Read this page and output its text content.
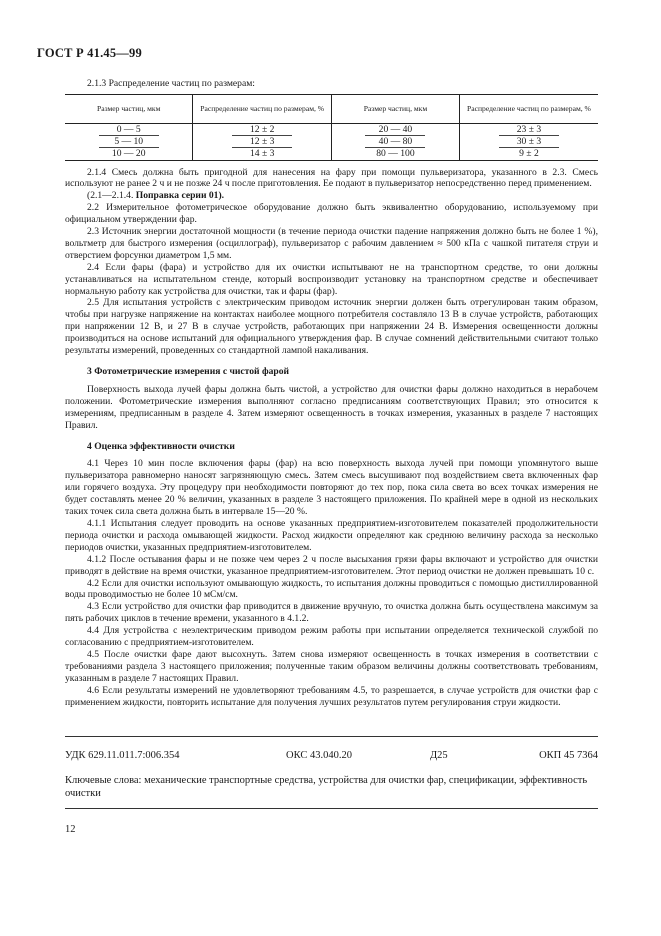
ГОСТ Р 41.45—99

2.1.3 Распределение частиц по размерам:

Размер частиц, мкм	Распределение частиц по размерам, %	Размер частиц, мкм	Распределение частиц по размерам, %
0 — 5	12 ± 2	20 — 40	23 ± 3
5 — 10	12 ± 3	40 — 80	30 ± 3
10 — 20	14 ± 3	80 — 100	9 ± 2

2.1.4 Смесь должна быть пригодной для нанесения на фару при помощи пульверизатора, указанного в 2.3. Смесь используют не ранее 2 ч и не позже 24 ч после приготовления. Ее подают в пульверизатор непосредственно перед применением.

(2.1—2.1.4. Поправка серии 01).

2.2 Измерительное фотометрическое оборудование должно быть эквивалентно оборудованию, используемому при официальном утверждении фар.

2.3 Источник энергии достаточной мощности (в течение периода очистки падение напряжения должно быть не более 1 %), вольтметр для быстрого измерения (осциллограф), пульверизатор с рабочим давлением ≈ 500 кПа с чашкой питателя струи и отверстием форсунки диаметром 1,5 мм.

2.4 Если фары (фара) и устройство для их очистки испытывают не на транспортном средстве, то они должны устанавливаться на испытательном стенде, который воспроизводит установку на транспортном средстве и обеспечивает нормальную работу как устройства для очистки, так и фары (фар).

2.5 Для испытания устройств с электрическим приводом источник энергии должен быть отрегулирован таким образом, чтобы при нагрузке напряжение на контактах наиболее мощного потребителя составляло 13 В в случае устройств, работающих при напряжении 12 В, и 27 В в случае устройств, работающих при напряжении 24 В. Измерения освещенности должны производиться на основе испытаний для официального утверждения фар. В случае сомнений действительными считают только результаты измерений, проведенных со стандартной лампой накаливания.

3 Фотометрические измерения с чистой фарой

Поверхность выхода лучей фары должна быть чистой, а устройство для очистки фары должно находиться в нерабочем положении. Фотометрические измерения выполняют согласно предписаниям соответствующих Правил; это относится к измерениям, предписанным в разделе 4. Затем измеряют освещенность в точках измерения, указанных в разделе 7 настоящих Правил.

4 Оценка эффективности очистки

4.1 Через 10 мин после включения фары (фар) на всю поверхность выхода лучей при помощи упомянутого выше пульверизатора равномерно наносят загрязняющую смесь. Затем смесь высушивают под воздействием света включенных фар или горячего воздуха. Эту процедуру при необходимости повторяют до тех пор, пока сила света во всех точках измерения не будет составлять менее 20 % величин, указанных в разделе 3 настоящего приложения. По крайней мере в одной из нескольких таких точек сила света должна быть в интервале 15—20 %.

4.1.1 Испытания следует проводить на основе указанных предприятием-изготовителем показателей продолжительности периода очистки и расхода омывающей жидкости. Расход жидкости определяют как среднюю величину расхода за несколько периодов очистки, указанных предприятием-изготовителем.

4.1.2 После остывания фары и не позже чем через 2 ч после высыхания грязи фары включают и устройство для очистки приводят в действие на время очистки, указанное предприятием-изготовителем. Этот период очистки не должен превышать 10 с.

4.2 Если для очистки используют омывающую жидкость, то испытания должны проводиться с помощью дистиллированной воды проводимостью не более 10 мСм/см.

4.3 Если устройство для очистки фар приводится в движение вручную, то очистка должна быть осуществлена максимум за пять рабочих циклов в течение времени, указанного в 4.1.2.

4.4 Для устройства с неэлектрическим приводом режим работы при испытании определяется технической службой по согласованию с предприятием-изготовителем.

4.5 После очистки фаре дают высохнуть. Затем снова измеряют освещенность в точках измерения в соответствии с требованиями раздела 3 настоящего приложения; полученные таким образом величины должны соответствовать требованиям, указанным в разделе 7 настоящих Правил.

4.6 Если результаты измерений не удовлетворяют требованиям 4.5, то разрешается, в случае устройств для очистки фар с применением жидкости, повторить испытание для получения лучших результатов путем регулирования струи жидкости.

УДК 629.11.011.7:006.354	ОКС 43.040.20	Д25	ОКП 45 7364
Ключевые слова: механические транспортные средства, устройства для очистки фар, спецификации, эффективность очистки
12
